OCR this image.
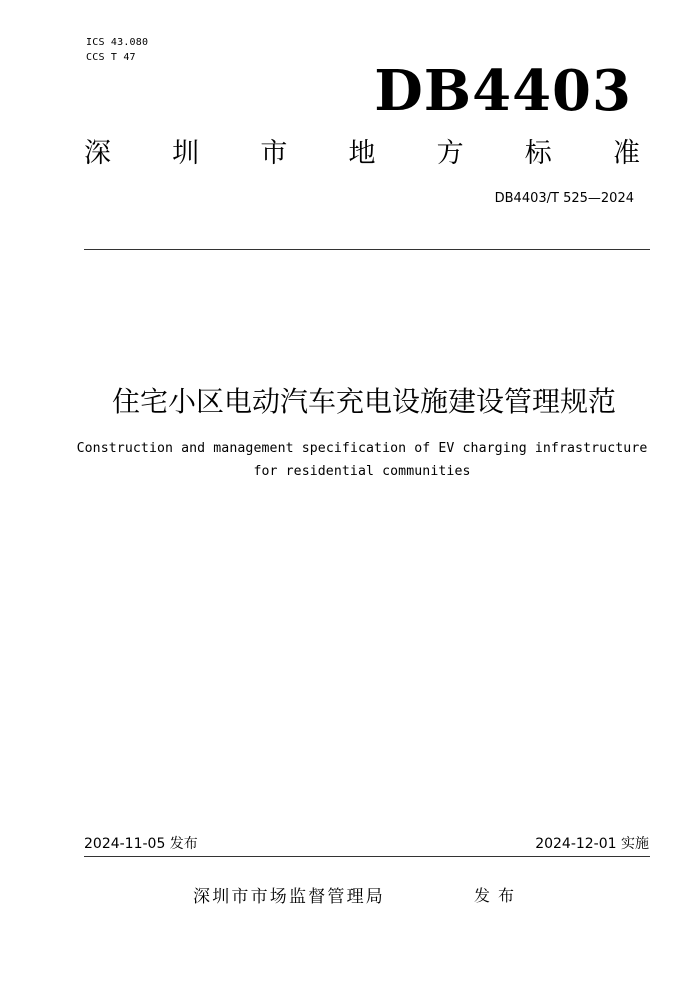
ICS 43.080
CCS T 47
DB4403
深 圳 市 地 方 标 准
DB4403/T 525—2024
住宅小区电动汽车充电设施建设管理规范
Construction and management specification of EV charging infrastructure
for residential communities
2024-11-05 发布	2024-12-01 实施
深圳市市场监督管理局	发布
